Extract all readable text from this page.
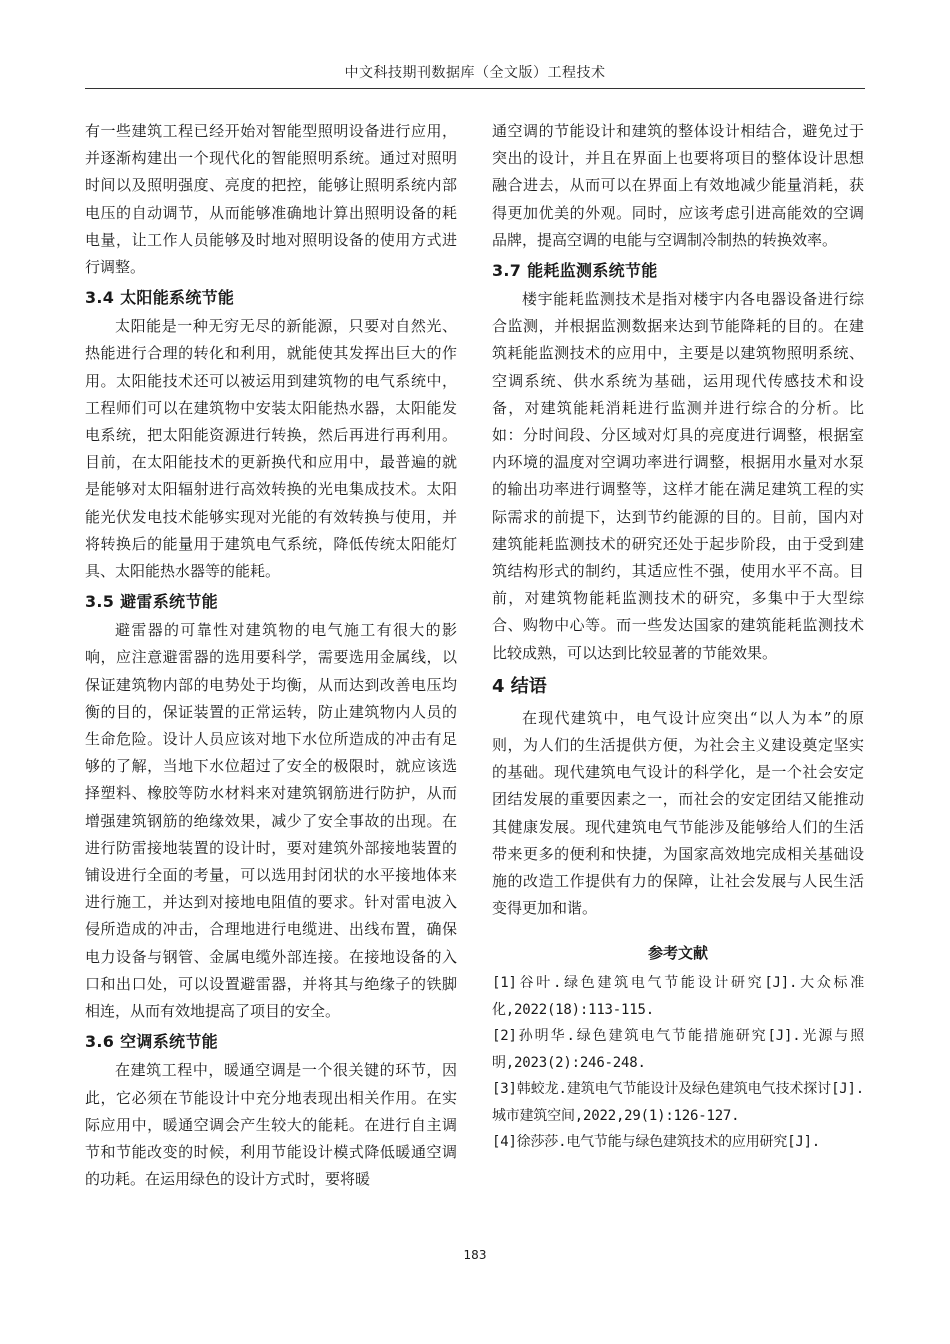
中文科技期刊数据库（全文版）工程技术

有一些建筑工程已经开始对智能型照明设备进行应用，并逐渐构建出一个现代化的智能照明系统。通过对照明时间以及照明强度、亮度的把控，能够让照明系统内部电压的自动调节，从而能够准确地计算出照明设备的耗电量，让工作人员能够及时地对照明设备的使用方式进行调整。

3.4 太阳能系统节能

太阳能是一种无穷无尽的新能源，只要对自然光、热能进行合理的转化和利用，就能使其发挥出巨大的作用。太阳能技术还可以被运用到建筑物的电气系统中，工程师们可以在建筑物中安装太阳能热水器，太阳能发电系统，把太阳能资源进行转换，然后再进行再利用。目前，在太阳能技术的更新换代和应用中，最普遍的就是能够对太阳辐射进行高效转换的光电集成技术。太阳能光伏发电技术能够实现对光能的有效转换与使用，并将转换后的能量用于建筑电气系统，降低传统太阳能灯具、太阳能热水器等的能耗。

3.5 避雷系统节能

避雷器的可靠性对建筑物的电气施工有很大的影响，应注意避雷器的选用要科学，需要选用金属线，以保证建筑物内部的电势处于均衡，从而达到改善电压均衡的目的，保证装置的正常运转，防止建筑物内人员的生命危险。设计人员应该对地下水位所造成的冲击有足够的了解，当地下水位超过了安全的极限时，就应该选择塑料、橡胶等防水材料来对建筑钢筋进行防护，从而增强建筑钢筋的绝缘效果，减少了安全事故的出现。在进行防雷接地装置的设计时，要对建筑外部接地装置的铺设进行全面的考量，可以选用封闭状的水平接地体来进行施工，并达到对接地电阻值的要求。针对雷电波入侵所造成的冲击，合理地进行电缆进、出线布置，确保电力设备与钢管、金属电缆外部连接。在接地设备的入口和出口处，可以设置避雷器，并将其与绝缘子的铁脚相连，从而有效地提高了项目的安全。

3.6 空调系统节能

在建筑工程中，暖通空调是一个很关键的环节，因此，它必须在节能设计中充分地表现出相关作用。在实际应用中，暖通空调会产生较大的能耗。在进行自主调节和节能改变的时候，利用节能设计模式降低暖通空调的功耗。在运用绿色的设计方式时，要将暖

通空调的节能设计和建筑的整体设计相结合，避免过于突出的设计，并且在界面上也要将项目的整体设计思想融合进去，从而可以在界面上有效地减少能量消耗，获得更加优美的外观。同时，应该考虑引进高能效的空调品牌，提高空调的电能与空调制冷制热的转换效率。

3.7 能耗监测系统节能

楼宇能耗监测技术是指对楼宇内各电器设备进行综合监测，并根据监测数据来达到节能降耗的目的。在建筑耗能监测技术的应用中，主要是以建筑物照明系统、空调系统、供水系统为基础，运用现代传感技术和设备，对建筑能耗消耗进行监测并进行综合的分析。比如：分时间段、分区域对灯具的亮度进行调整，根据室内环境的温度对空调功率进行调整，根据用水量对水泵的输出功率进行调整等，这样才能在满足建筑工程的实际需求的前提下，达到节约能源的目的。目前，国内对建筑能耗监测技术的研究还处于起步阶段，由于受到建筑结构形式的制约，其适应性不强，使用水平不高。目前，对建筑物能耗监测技术的研究，多集中于大型综合、购物中心等。而一些发达国家的建筑能耗监测技术比较成熟，可以达到比较显著的节能效果。

4 结语

在现代建筑中，电气设计应突出“以人为本”的原则，为人们的生活提供方便，为社会主义建设奠定坚实的基础。现代建筑电气设计的科学化，是一个社会安定团结发展的重要因素之一，而社会的安定团结又能推动其健康发展。现代建筑电气节能涉及能够给人们的生活带来更多的便利和快捷，为国家高效地完成相关基础设施的改造工作提供有力的保障，让社会发展与人民生活变得更加和谐。

参考文献

[1]谷叶.绿色建筑电气节能设计研究[J].大众标准化,2022(18):113-115.

[2]孙明华.绿色建筑电气节能措施研究[J].光源与照明,2023(2):246-248.

[3]韩蛟龙.建筑电气节能设计及绿色建筑电气技术探讨[J].城市建筑空间,2022,29(1):126-127.

[4]徐莎莎.电气节能与绿色建筑技术的应用研究[J].

183
